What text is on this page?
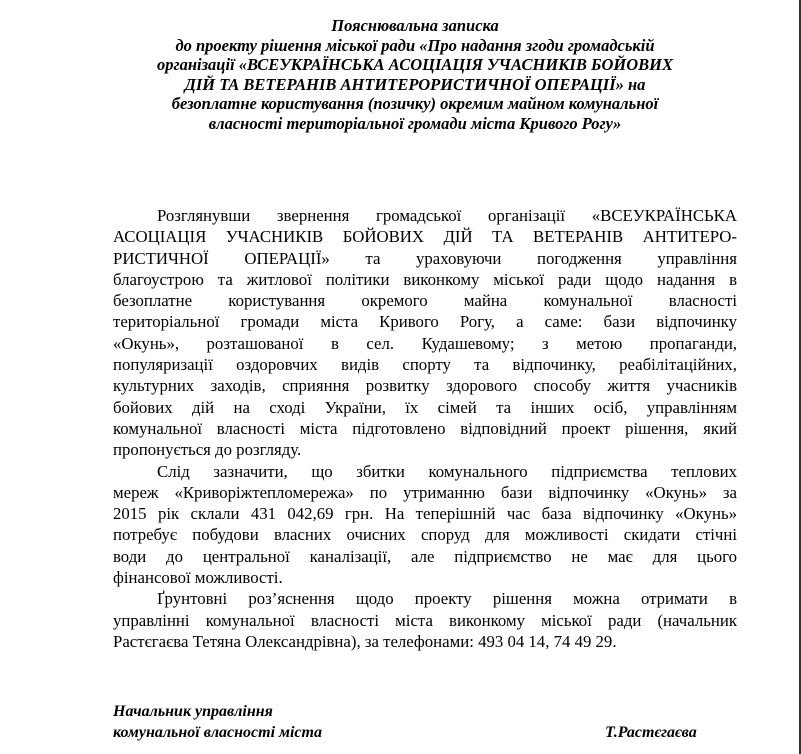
Пояснювальна записка
до проекту рішення міської ради «Про надання згоди громадській
організації «ВСЕУКРАЇНСЬКА АСОЦІАЦІЯ УЧАСНИКІВ БОЙОВИХ
ДІЙ ТА ВЕТЕРАНІВ АНТИТЕРОРИСТИЧНОЇ ОПЕРАЦІЇ» на
безоплатне користування (позичку) окремим майном комунальної
власності територіальної громади міста Кривого Рогу»
Розглянувши звернення громадської організації «ВСЕУКРАЇНСЬКА
АСОЦІАЦІЯ УЧАСНИКІВ БОЙОВИХ ДІЙ ТА ВЕТЕРАНІВ АНТИТЕРО-
РИСТИЧНОЇ ОПЕРАЦІЇ» та ураховуючи погодження управління
благоустрою та житлової політики виконкому міської ради щодо надання в
безоплатне користування окремого майна комунальної власності
територіальної громади міста Кривого Рогу, а саме: бази відпочинку
«Окунь», розташованої в сел. Кудашевому; з метою пропаганди,
популяризації оздоровчих видів спорту та відпочинку, реабілітаційних,
культурних заходів, сприяння розвитку здорового способу життя учасників
бойових дій на сході України, їх сімей та інших осіб, управлінням
комунальної власності міста підготовлено відповідний проект рішення, який
пропонується до розгляду.
Слід зазначити, що збитки комунального підприємства теплових
мереж «Криворіжтепломережа» по утриманню бази відпочинку «Окунь» за
2015 рік склали 431 042,69 грн. На теперішній час база відпочинку «Окунь»
потребує побудови власних очисних споруд для можливості скидати стічні
води до центральної каналізації, але підприємство не має для цього
фінансової можливості.
Ґрунтовні роз’яснення щодо проекту рішення можна отримати в
управлінні комунальної власності міста виконкому міської ради (начальник
Растєгаєва Тетяна Олександрівна), за телефонами: 493 04 14, 74 49 29.
Начальник управління
комунальної власності міста	Т.Растєгаєва
